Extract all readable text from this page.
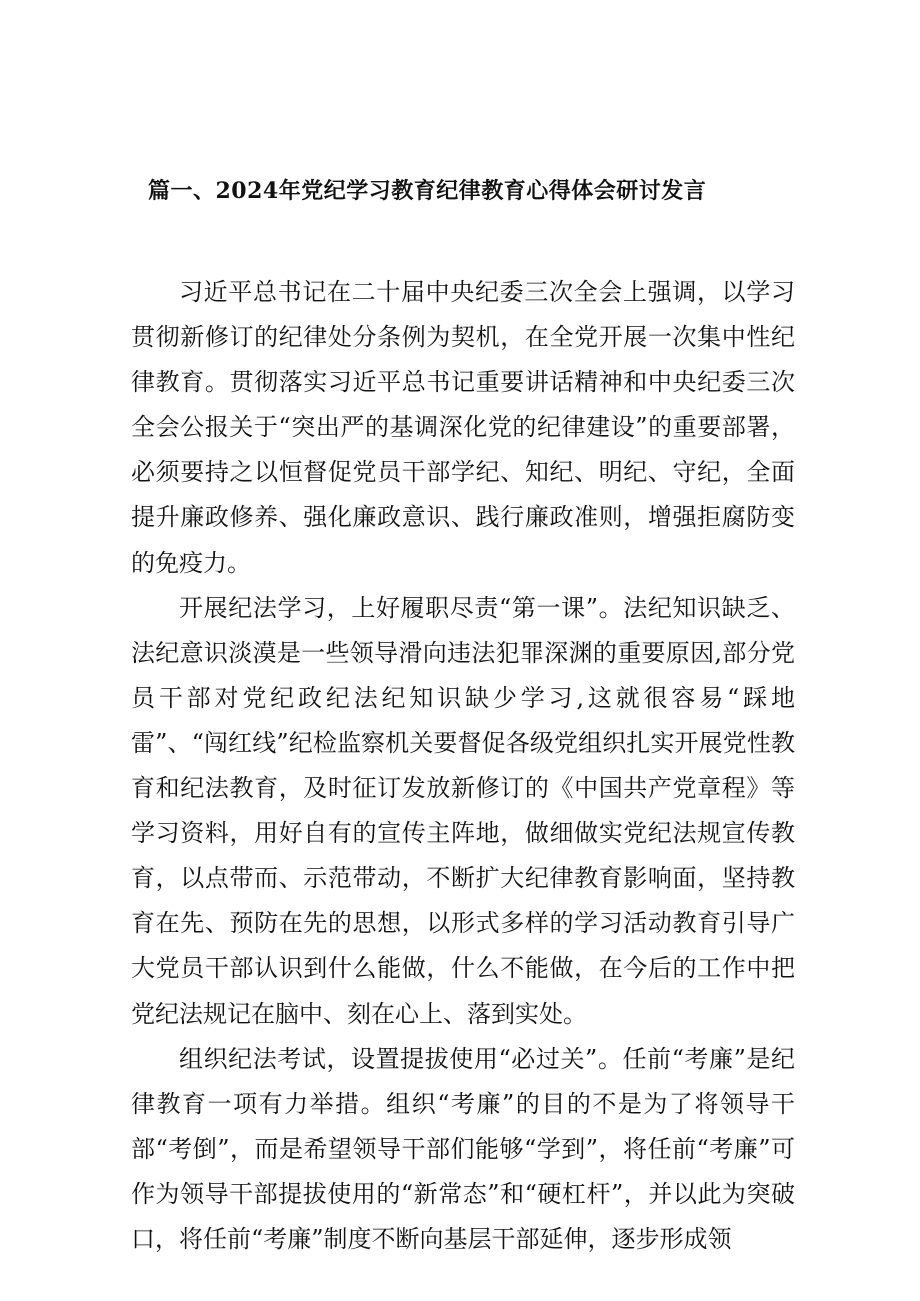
篇一、2024年党纪学习教育纪律教育心得体会研讨发言

习近平总书记在二十届中央纪委三次全会上强调，以学习贯彻新修订的纪律处分条例为契机，在全党开展一次集中性纪律教育。贯彻落实习近平总书记重要讲话精神和中央纪委三次全会公报关于“突出严的基调深化党的纪律建设”的重要部署，必须要持之以恒督促党员干部学纪、知纪、明纪、守纪，全面提升廉政修养、强化廉政意识、践行廉政准则，增强拒腐防变的免疫力。

开展纪法学习，上好履职尽责“第一课”。法纪知识缺乏、法纪意识淡漠是一些领导滑向违法犯罪深渊的重要原因,部分党员干部对党纪政纪法纪知识缺少学习,这就很容易“踩地雷”、“闯红线”纪检监察机关要督促各级党组织扎实开展党性教育和纪法教育，及时征订发放新修订的《中国共产党章程》等学习资料，用好自有的宣传主阵地，做细做实党纪法规宣传教育，以点带而、示范带动，不断扩大纪律教育影响面，坚持教育在先、预防在先的思想，以形式多样的学习活动教育引导广大党员干部认识到什么能做，什么不能做，在今后的工作中把党纪法规记在脑中、刻在心上、落到实处。

组织纪法考试，设置提拔使用“必过关”。任前“考廉”是纪律教育一项有力举措。组织“考廉”的目的不是为了将领导干部“考倒”，而是希望领导干部们能够“学到”，将任前“考廉”可作为领导干部提拔使用的“新常态”和“硬杠杆”，并以此为突破口，将任前“考廉”制度不断向基层干部延伸，逐步形成领
